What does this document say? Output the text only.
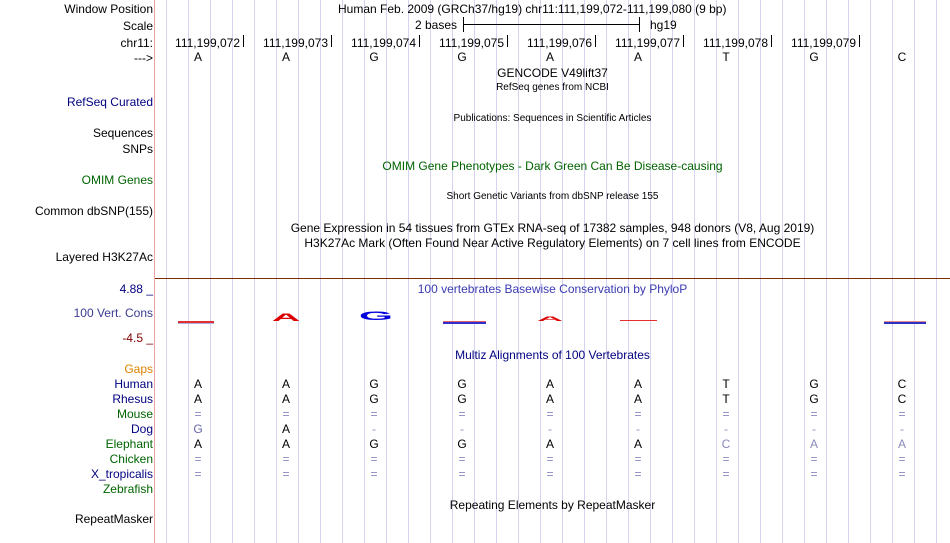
Window Position	Human Feb. 2009 (GRCh37/hg19) chr11:111,199,072-111,199,080 (9 bp)
Scale	2 bases	hg19
chr11:	111,199,072	111,199,073	111,199,074	111,199,075	111,199,076	111,199,077	111,199,078	111,199,079
--->	A	A	G	G	A	A	T	G	C
GENCODE V49lift37
RefSeq genes from NCBI
RefSeq Curated
Publications: Sequences in Scientific Articles
Sequences
SNPs
OMIM Gene Phenotypes - Dark Green Can Be Disease-causing
OMIM Genes
Short Genetic Variants from dbSNP release 155
Common dbSNP(155)
Gene Expression in 54 tissues from GTEx RNA-seq of 17382 samples, 948 donors (V8, Aug 2019)
H3K27Ac Mark (Often Found Near Active Regulatory Elements) on 7 cell lines from ENCODE
Layered H3K27Ac
4.88 _	100 vertebrates Basewise Conservation by PhyloP
100 Vert. Cons
-4.5 _
A	G	A
Multiz Alignments of 100 Vertebrates
Gaps
Human	A	A	G	G	A	A	T	G	C
Rhesus	A	A	G	G	A	A	T	G	C
Mouse	=	=	=	=	=	=	=	=	=
Dog	G	A	-	-	-	-	-	-	-
Elephant	A	A	G	G	A	A	C	A	A
Chicken	=	=	=	=	=	=	=	=	=
X_tropicalis	=	=	=	=	=	=	=	=	=
Zebrafish
Repeating Elements by RepeatMasker
RepeatMasker
